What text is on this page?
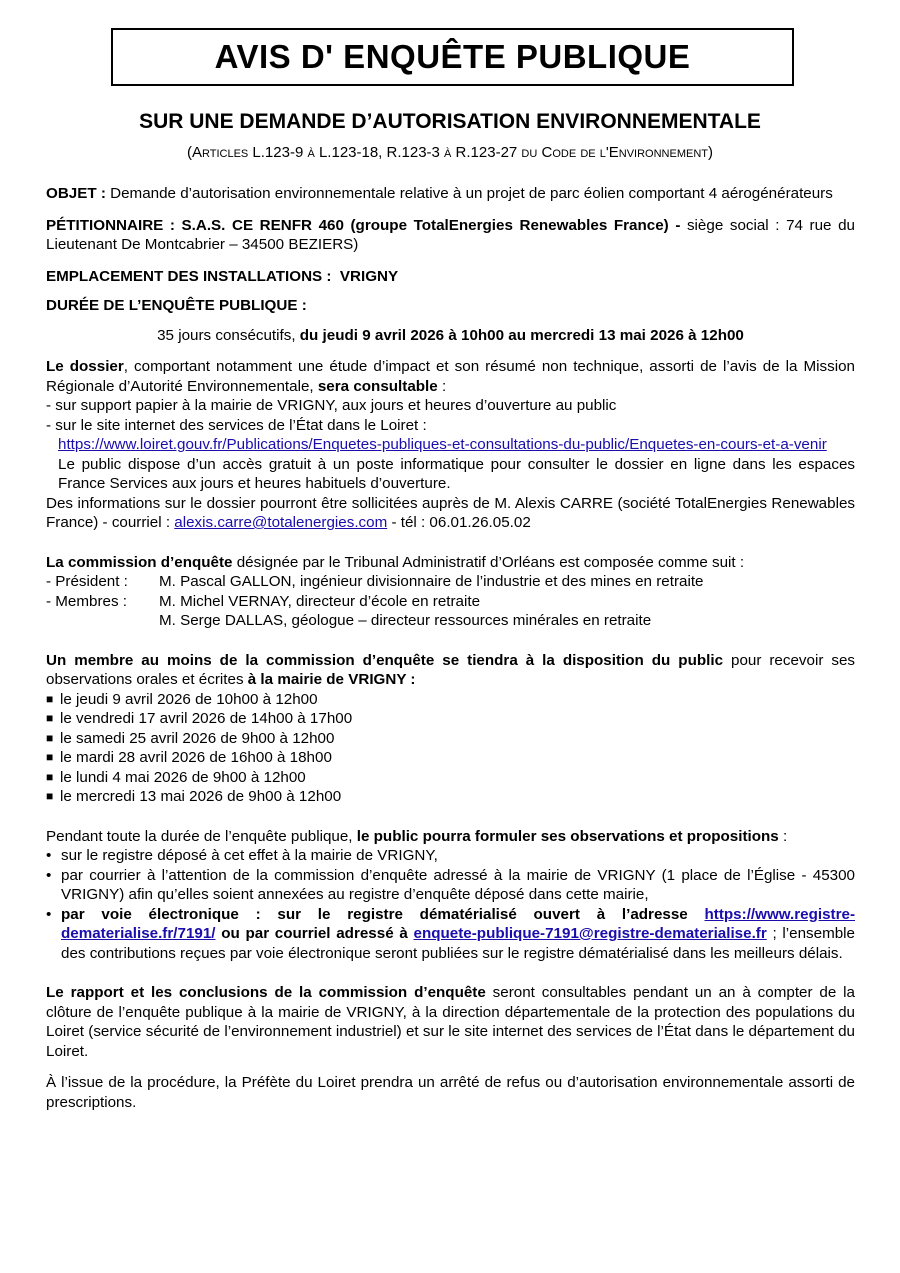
AVIS D' ENQUÊTE PUBLIQUE
SUR UNE DEMANDE D’AUTORISATION ENVIRONNEMENTALE
(Articles L.123-9 à L.123-18, R.123-3 à R.123-27 du Code de l'Environnement)

OBJET : Demande d’autorisation environnementale relative à un projet de parc éolien comportant 4 aérogénérateurs

PÉTITIONNAIRE : S.A.S. CE RENFR 460 (groupe TotalEnergies Renewables France) - siège social : 74 rue du Lieutenant De Montcabrier – 34500 BEZIERS)

EMPLACEMENT DES INSTALLATIONS : VRIGNY

DURÉE DE L’ENQUÊTE PUBLIQUE :

35 jours consécutifs, du jeudi 9 avril 2026 à 10h00 au mercredi 13 mai 2026 à 12h00

Le dossier, comportant notamment une étude d’impact et son résumé non technique, assorti de l’avis de la Mission Régionale d’Autorité Environnementale, sera consultable :

- sur support papier à la mairie de VRIGNY, aux jours et heures d’ouverture au public

- sur le site internet des services de l’État dans le Loiret :

https://www.loiret.gouv.fr/Publications/Enquetes-publiques-et-consultations-du-public/Enquetes-en-cours-et-a-venir

Le public dispose d’un accès gratuit à un poste informatique pour consulter le dossier en ligne dans les espaces France Services aux jours et heures habituels d’ouverture.

Des informations sur le dossier pourront être sollicitées auprès de M. Alexis CARRE (société TotalEnergies Renewables France) - courriel : alexis.carre@totalenergies.com - tél : 06.01.26.05.02

La commission d’enquête désignée par le Tribunal Administratif d’Orléans est composée comme suit :

- Président :	M. Pascal GALLON, ingénieur divisionnaire de l’industrie et des mines en retraite
- Membres :	M. Michel VERNAY, directeur d’école en retraite
M. Serge DALLAS, géologue – directeur ressources minérales en retraite

Un membre au moins de la commission d’enquête se tiendra à la disposition du public pour recevoir ses observations orales et écrites à la mairie de VRIGNY :

■ le jeudi 9 avril 2026 de 10h00 à 12h00
■ le vendredi 17 avril 2026 de 14h00 à 17h00
■ le samedi 25 avril 2026 de 9h00 à 12h00
■ le mardi 28 avril 2026 de 16h00 à 18h00
■ le lundi 4 mai 2026 de 9h00 à 12h00
■ le mercredi 13 mai 2026 de 9h00 à 12h00

Pendant toute la durée de l’enquête publique, le public pourra formuler ses observations et propositions :

• sur le registre déposé à cet effet à la mairie de VRIGNY,
• par courrier à l’attention de la commission d’enquête adressé à la mairie de VRIGNY (1 place de l’Église - 45300 VRIGNY) afin qu’elles soient annexées au registre d’enquête déposé dans cette mairie,
• par voie électronique : sur le registre dématérialisé ouvert à l’adresse https://www.registre-dematerialise.fr/7191/ ou par courriel adressé à enquete-publique-7191@registre-dematerialise.fr ; l’ensemble des contributions reçues par voie électronique seront publiées sur le registre dématérialisé dans les meilleurs délais.

Le rapport et les conclusions de la commission d’enquête seront consultables pendant un an à compter de la clôture de l’enquête publique à la mairie de VRIGNY, à la direction départementale de la protection des populations du Loiret (service sécurité de l’environnement industriel) et sur le site internet des services de l’État dans le département du Loiret.

À l’issue de la procédure, la Préfète du Loiret prendra un arrêté de refus ou d’autorisation environnementale assorti de prescriptions.
